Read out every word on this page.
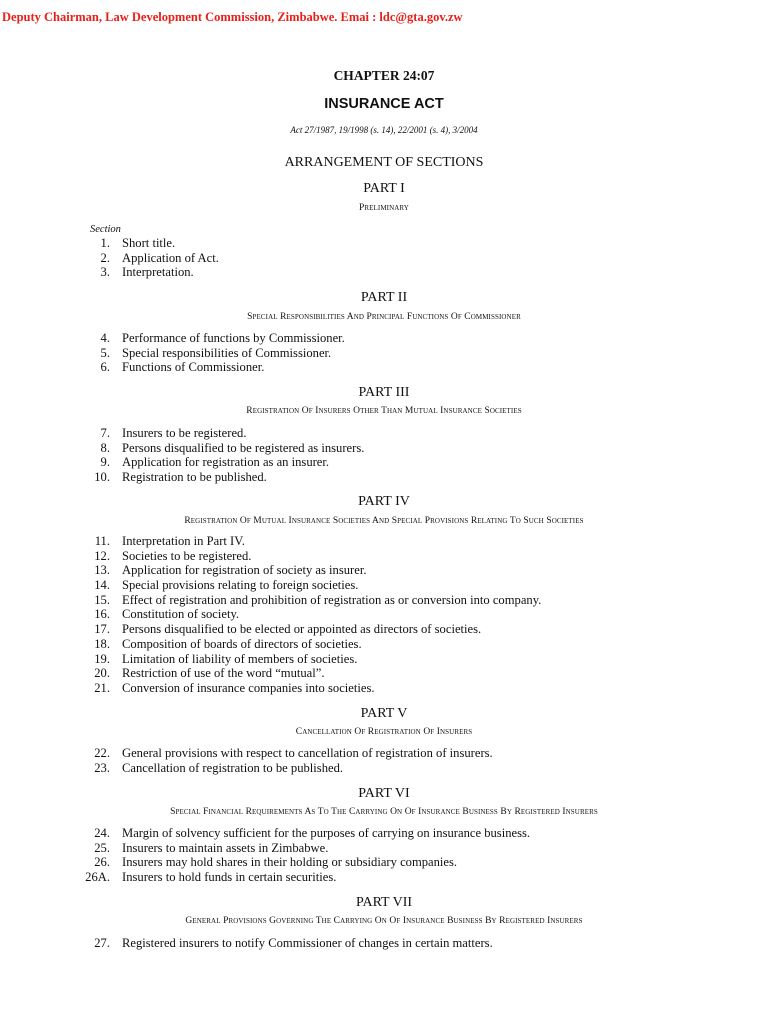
Deputy Chairman, Law Development Commission, Zimbabwe. Emai : ldc@gta.gov.zw
CHAPTER 24:07
INSURANCE ACT
Act 27/1987, 19/1998 (s. 14), 22/2001 (s. 4), 3/2004
ARRANGEMENT OF SECTIONS
Section
PART I
Preliminary
1. Short title.
2. Application of Act.
3. Interpretation.
PART II
Special Responsibilities And Principal Functions Of Commissioner
4. Performance of functions by Commissioner.
5. Special responsibilities of Commissioner.
6. Functions of Commissioner.
PART III
Registration Of Insurers Other Than Mutual Insurance Societies
7. Insurers to be registered.
8. Persons disqualified to be registered as insurers.
9. Application for registration as an insurer.
10. Registration to be published.
PART IV
Registration Of Mutual Insurance Societies And Special Provisions Relating To Such Societies
11. Interpretation in Part IV.
12. Societies to be registered.
13. Application for registration of society as insurer.
14. Special provisions relating to foreign societies.
15. Effect of registration and prohibition of registration as or conversion into company.
16. Constitution of society.
17. Persons disqualified to be elected or appointed as directors of societies.
18. Composition of boards of directors of societies.
19. Limitation of liability of members of societies.
20. Restriction of use of the word “mutual”.
21. Conversion of insurance companies into societies.
PART V
Cancellation Of Registration Of Insurers
22. General provisions with respect to cancellation of registration of insurers.
23. Cancellation of registration to be published.
PART VI
Special Financial Requirements As To The Carrying On Of Insurance Business By Registered Insurers
24. Margin of solvency sufficient for the purposes of carrying on insurance business.
25. Insurers to maintain assets in Zimbabwe.
26. Insurers may hold shares in their holding or subsidiary companies.
26A. Insurers to hold funds in certain securities.
PART VII
General Provisions Governing The Carrying On Of Insurance Business By Registered Insurers
27. Registered insurers to notify Commissioner of changes in certain matters.
